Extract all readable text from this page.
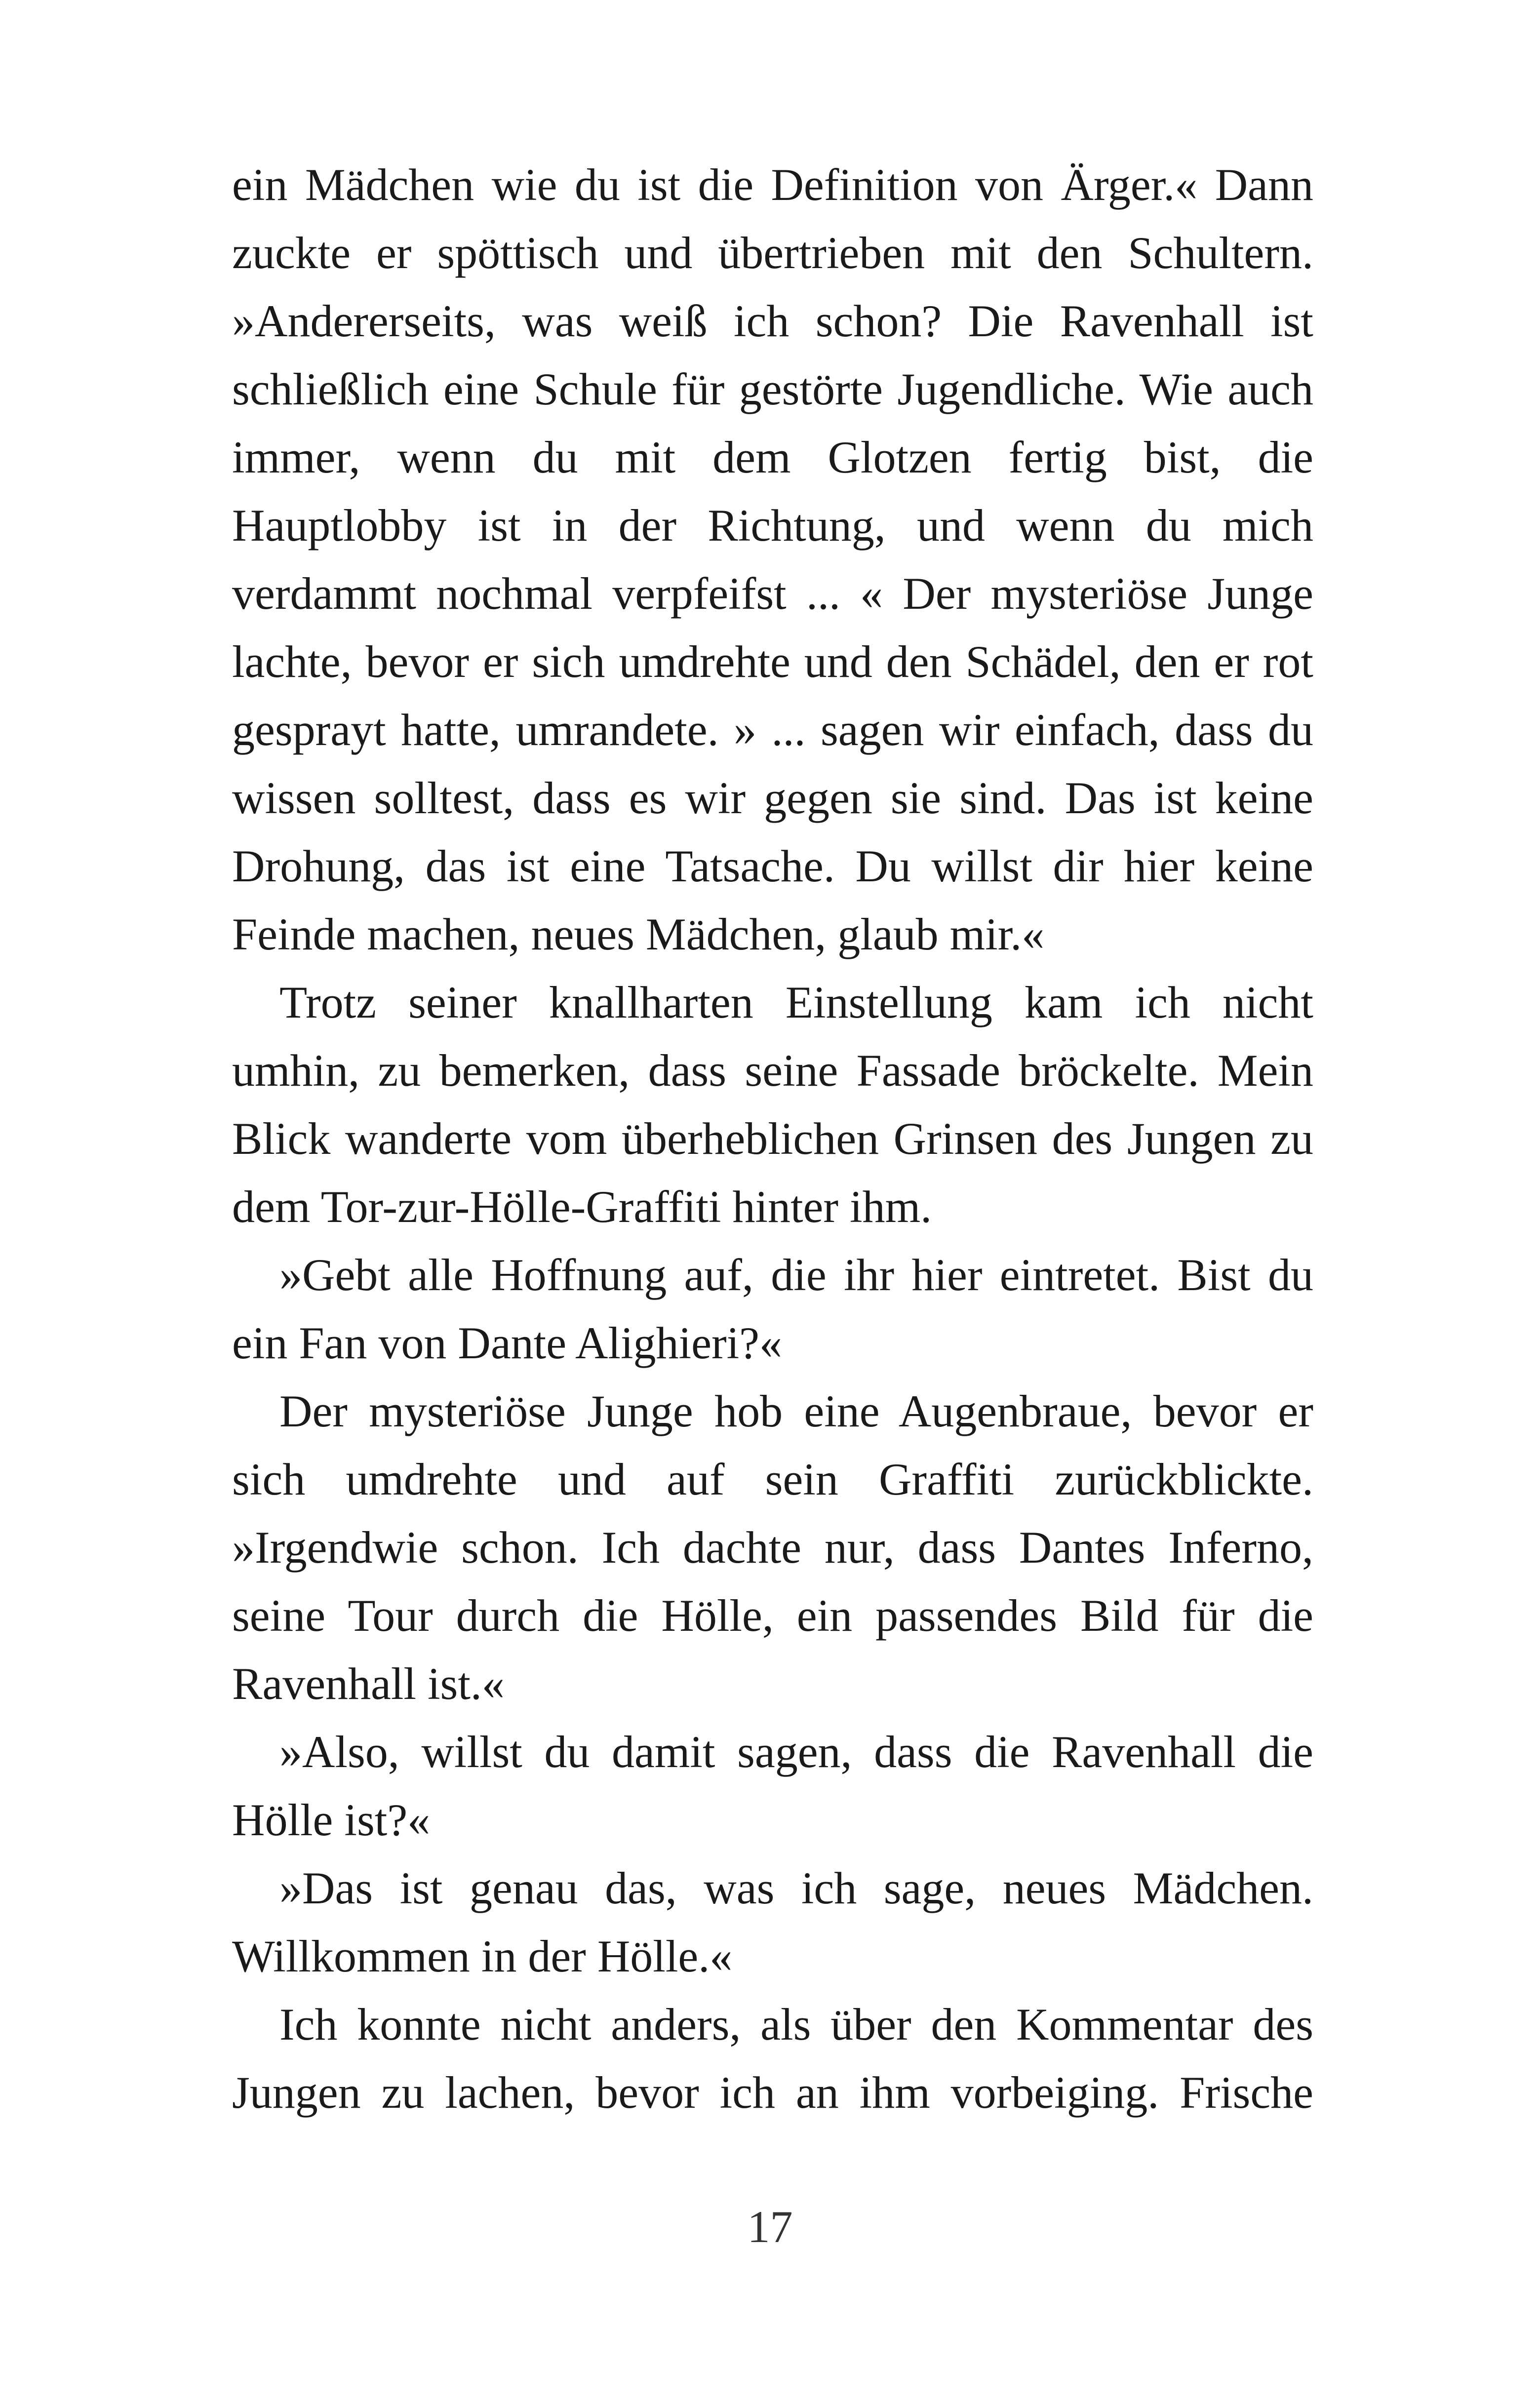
ein Mädchen wie du ist die Definition von Ärger.« Dann
zuckte er spöttisch und übertrieben mit den Schultern.
»Andererseits, was weiß ich schon? Die Ravenhall ist
schließlich eine Schule für gestörte Jugendliche. Wie auch
immer, wenn du mit dem Glotzen fertig bist, die
Hauptlobby ist in der Richtung, und wenn du mich
verdammt nochmal verpfeifst ... « Der mysteriöse Junge
lachte, bevor er sich umdrehte und den Schädel, den er rot
gesprayt hatte, umrandete. » ... sagen wir einfach, dass du
wissen solltest, dass es wir gegen sie sind. Das ist keine
Drohung, das ist eine Tatsache. Du willst dir hier keine
Feinde machen, neues Mädchen, glaub mir.«
Trotz seiner knallharten Einstellung kam ich nicht
umhin, zu bemerken, dass seine Fassade bröckelte. Mein
Blick wanderte vom überheblichen Grinsen des Jungen zu
dem Tor-zur-Hölle-Graffiti hinter ihm.
»Gebt alle Hoffnung auf, die ihr hier eintretet. Bist du
ein Fan von Dante Alighieri?«
Der mysteriöse Junge hob eine Augenbraue, bevor er
sich umdrehte und auf sein Graffiti zurückblickte.
»Irgendwie schon. Ich dachte nur, dass Dantes Inferno,
seine Tour durch die Hölle, ein passendes Bild für die
Ravenhall ist.«
»Also, willst du damit sagen, dass die Ravenhall die
Hölle ist?«
»Das ist genau das, was ich sage, neues Mädchen.
Willkommen in der Hölle.«
Ich konnte nicht anders, als über den Kommentar des
Jungen zu lachen, bevor ich an ihm vorbeiging. Frische
17
